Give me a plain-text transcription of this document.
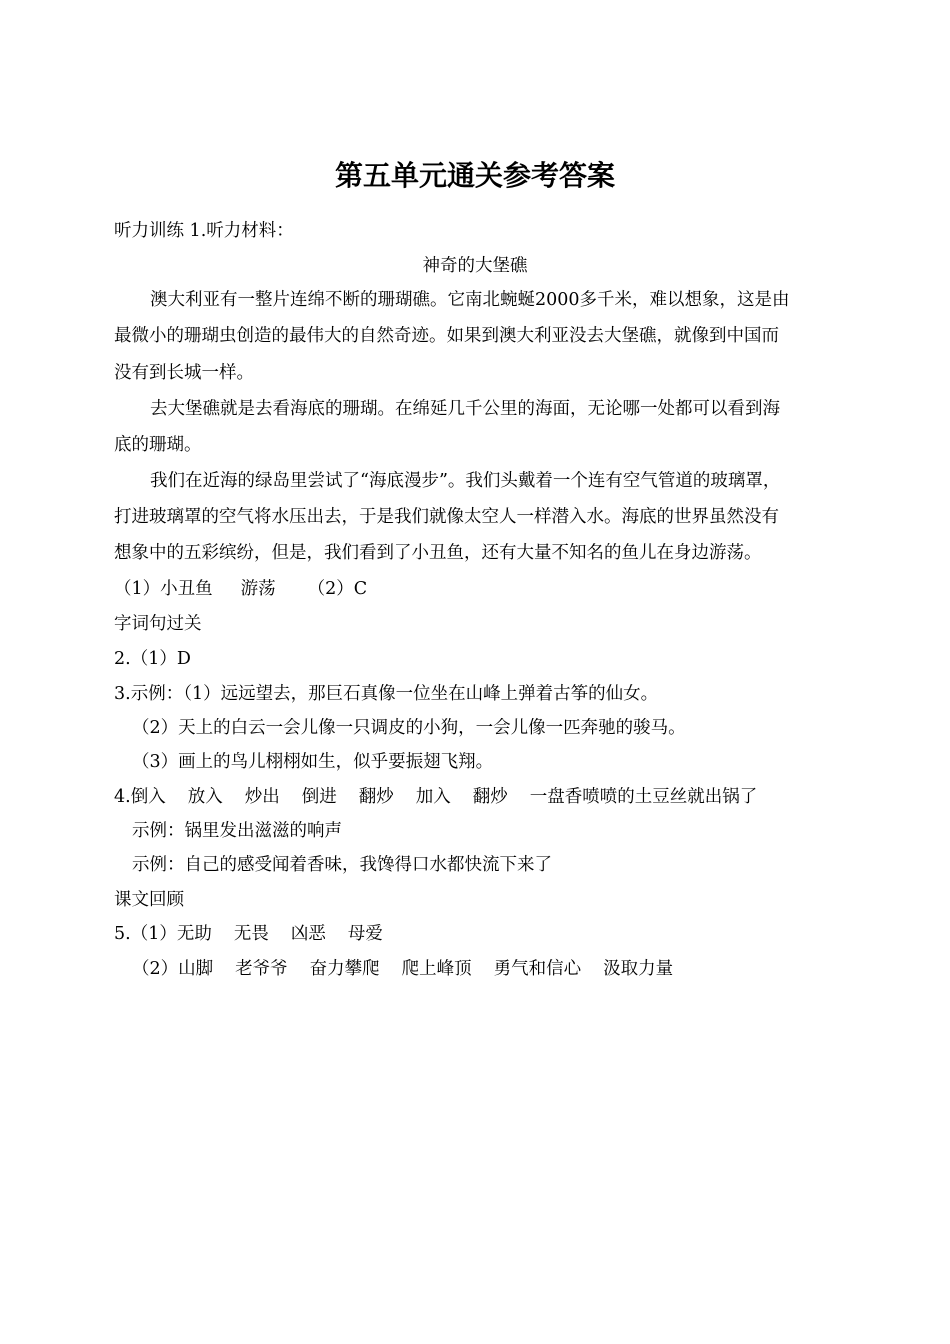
第五单元通关参考答案
听力训练 1.听力材料：
神奇的大堡礁
澳大利亚有一整片连绵不断的珊瑚礁。它南北蜿蜒2000多千米，难以想象，这是由
最微小的珊瑚虫创造的最伟大的自然奇迹。如果到澳大利亚没去大堡礁，就像到中国而
没有到长城一样。
去大堡礁就是去看海底的珊瑚。在绵延几千公里的海面，无论哪一处都可以看到海
底的珊瑚。
我们在近海的绿岛里尝试了“海底漫步”。我们头戴着一个连有空气管道的玻璃罩，
打进玻璃罩的空气将水压出去，于是我们就像太空人一样潜入水。海底的世界虽然没有
想象中的五彩缤纷，但是，我们看到了小丑鱼，还有大量不知名的鱼儿在身边游荡。
（1）小丑鱼 游荡 （2）C
字词句过关
2.（1）D
3.示例：（1）远远望去，那巨石真像一位坐在山峰上弹着古筝的仙女。
（2）天上的白云一会儿像一只调皮的小狗，一会儿像一匹奔驰的骏马。
（3）画上的鸟儿栩栩如生，似乎要振翅飞翔。
4.倒入 放入 炒出 倒进 翻炒 加入 翻炒 一盘香喷喷的土豆丝就出锅了
示例：锅里发出滋滋的响声
示例：自己的感受闻着香味，我馋得口水都快流下来了
课文回顾
5.（1）无助 无畏 凶恶 母爱
（2）山脚 老爷爷 奋力攀爬 爬上峰顶 勇气和信心 汲取力量
